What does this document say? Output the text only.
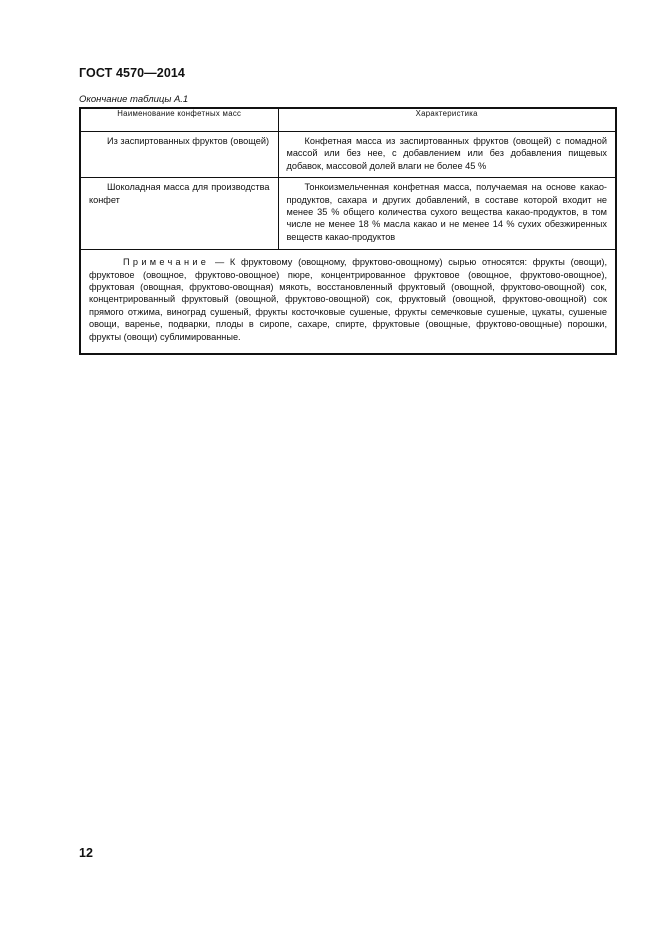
ГОСТ 4570—2014
Окончание таблицы А.1
Наименование конфетных масс	Характеристика
Из заспиртованных фруктов (овощей)	Конфетная масса из заспиртованных фруктов (овощей) с помадной массой или без нее, с добавлением или без добавления пищевых добавок, массовой долей влаги не более 45 %
Шоколадная масса для производства конфет	Тонкоизмельченная конфетная масса, получаемая на основе какао-продуктов, сахара и других добавлений, в составе которой входит не менее 35 % общего количества сухого вещества какао-продуктов, в том числе не менее 18 % масла какао и не менее 14 % сухих обезжиренных веществ какао-продуктов
Примечание — К фруктовому (овощному, фруктово-овощному) сырью относятся: фрукты (овощи), фруктовое (овощное, фруктово-овощное) пюре, концентрированное фруктовое (овощное, фруктово-овощное), фруктовая (овощная, фруктово-овощная) мякоть, восстановленный фруктовый (овощной, фруктово-овощной) сок, концентрированный фруктовый (овощной, фруктово-овощной) сок, фруктовый (овощной, фруктово-овощной) сок прямого отжима, виноград сушеный, фрукты косточковые сушеные, фрукты семечковые сушеные, цукаты, сушеные овощи, варенье, подварки, плоды в сиропе, сахаре, спирте, фруктовые (овощные, фруктово-овощные) порошки, фрукты (овощи) сублимированные.	
12
